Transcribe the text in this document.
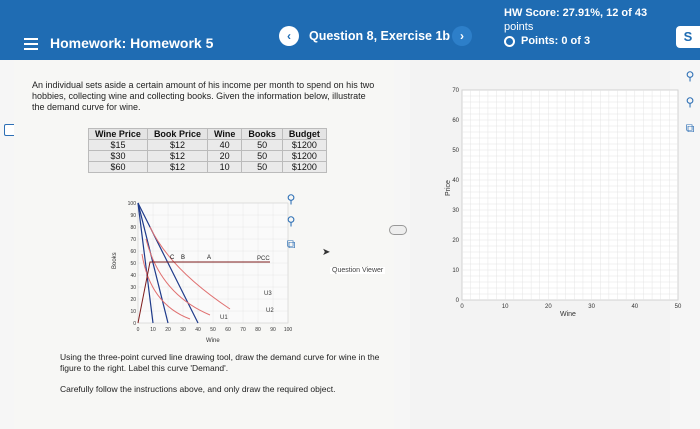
Homework: Homework 5	‹	Question 8, Exercise 1b ›
HW Score: 27.91%, 12 of 43
points
Points: 0 of 3	S
An individual sets aside a certain amount of his income per month to spend on his two hobbies, collecting wine and collecting books. Given the information below, illustrate the demand curve for wine.
Wine Price	Book Price	Wine	Books	Budget
$15	$12	40	50	$1200
$30	$12	20	50	$1200
$60	$12	10	50	$1200
Books
Wine
100
90
80
70
60
50
40
30
20
10
0
0 10 20 30 40 50 60 70 80 90 100
C B	A	PCC
U3
U2
U1
⚲
⚲
⧉
➤
Question Viewer
Using the three-point curved line drawing tool, draw the demand curve for wine in the figure to the right. Label this curve 'Demand'.
Carefully follow the instructions above, and only draw the required object.
Price
Wine
70
60
50
40
30
20
10
0
0	10	20	30	40	50
⚲
⚲
⧉
